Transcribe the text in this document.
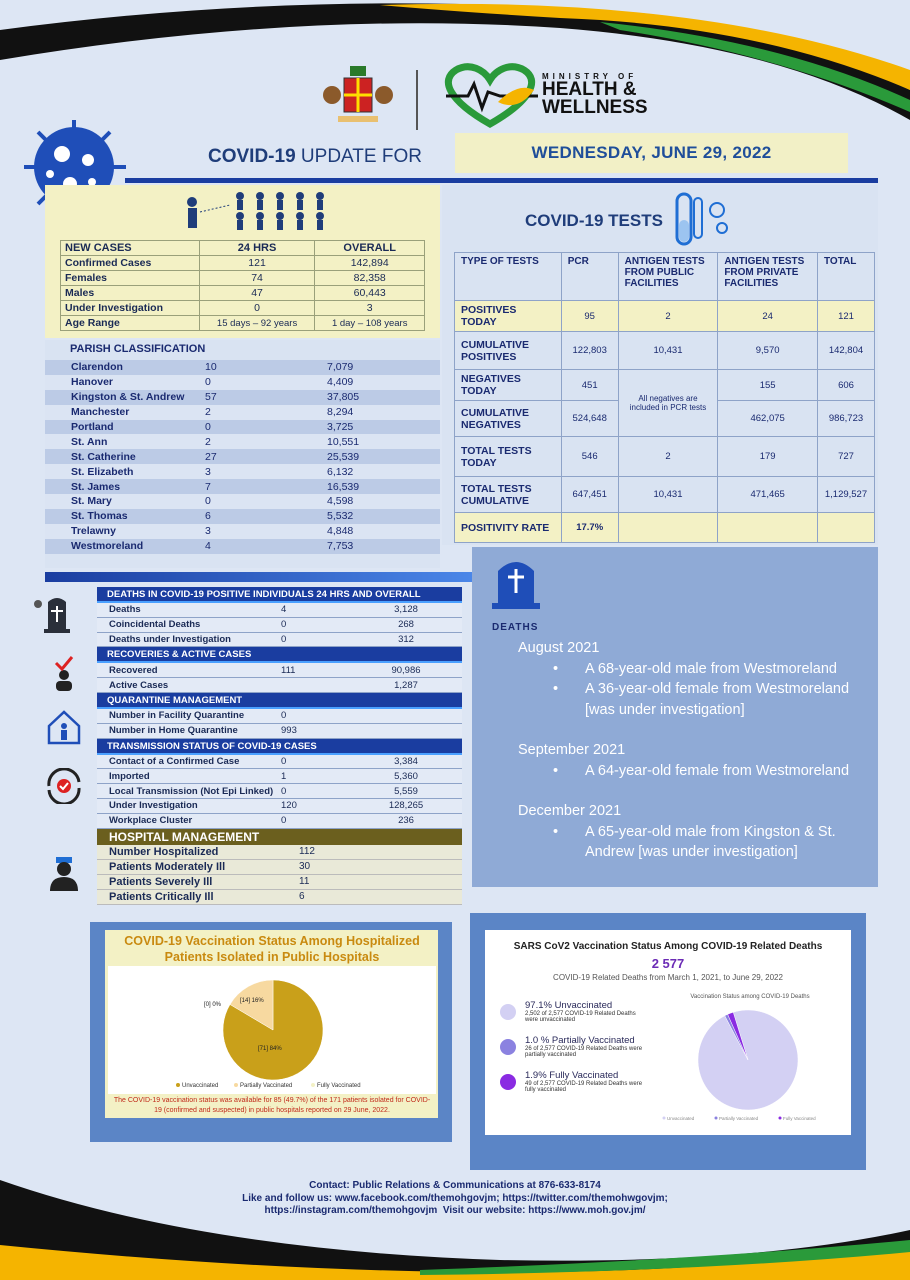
MINISTRY OF
HEALTH &
WELLNESS
COVID-19 UPDATE FOR	WEDNESDAY, JUNE 29, 2022
NEW CASES	24 HRS	OVERALL
Confirmed Cases	121	142,894
Females	74	82,358
Males	47	60,443
Under Investigation	0	3
Age Range	15 days – 92 years	1 day – 108 years
PARISH CLASSIFICATION
Clarendon	10	7,079
Hanover	0	4,409
Kingston & St. Andrew	57	37,805
Manchester	2	8,294
Portland	0	3,725
St. Ann	2	10,551
St. Catherine	27	25,539
St. Elizabeth	3	6,132
St. James	7	16,539
St. Mary	0	4,598
St. Thomas	6	5,532
Trelawny	3	4,848
Westmoreland	4	7,753
COVID-19 TESTS
TYPE OF TESTS	PCR	ANTIGEN TESTS FROM PUBLIC FACILITIES	ANTIGEN TESTS FROM PRIVATE FACILITIES	TOTAL
POSITIVES TODAY	95	2	24	121
CUMULATIVE POSITIVES	122,803	10,431	9,570	142,804
NEGATIVES TODAY	451	All negatives are included in PCR tests	155	606
CUMULATIVE NEGATIVES	524,648		462,075	986,723
TOTAL TESTS TODAY	546	2	179	727
TOTAL TESTS CUMULATIVE	647,451	10,431	471,465	1,129,527
POSITIVITY RATE	17.7%			
DEATHS IN COVID-19 POSITIVE INDIVIDUALS 24 HRS AND OVERALL
Deaths	4	3,128
Coincidental Deaths	0	268
Deaths under Investigation	0	312
RECOVERIES & ACTIVE CASES
Recovered	111	90,986
Active Cases	1,287
QUARANTINE MANAGEMENT
Number in Facility Quarantine	0
Number in Home Quarantine	993
TRANSMISSION STATUS OF COVID-19 CASES
Contact of a Confirmed Case	0	3,384
Imported	1	5,360
Local Transmission (Not Epi Linked) 0	5,559
Under Investigation	120	128,265
Workplace Cluster	0	236
HOSPITAL MANAGEMENT
Number Hospitalized	112
Patients Moderately Ill	30
Patients Severely Ill	11
Patients Critically Ill	6
DEATHS
August 2021
• A 68-year-old male from Westmoreland
• A 36-year-old female from Westmoreland [was under investigation]
September 2021
• A 64-year-old female from Westmoreland
December 2021
• A 65-year-old male from Kingston & St. Andrew [was under investigation]
COVID-19 Vaccination Status Among Hospitalized Patients Isolated in Public Hospitals
[71] 84%
[14] 16%
[0] 0%
Unvaccinated	Partially Vaccinated	Fully Vaccinated
The COVID-19 vaccination status was available for 85 (49.7%) of the 171 patients isolated for COVID-19 (confirmed and suspected) in public hospitals reported on 29 June, 2022.
SARS CoV2 Vaccination Status Among COVID-19 Related Deaths
2 577
COVID-19 Related Deaths from March 1, 2021, to June 29, 2022
Vaccination Status among COVID-19 Deaths
Unvaccinated	Partially Vaccinated	Fully Vaccinated
97.1% Unvaccinated
2,502 of 2,577 COVID-19 Related Deaths were unvaccinated
1.0 % Partially Vaccinated
26 of 2,577 COVID-19 Related Deaths were partially vaccinated
1.9% Fully Vaccinated
49 of 2,577 COVID-19 Related Deaths were fully vaccinated
Contact: Public Relations & Communications at 876-633-8174
Like and follow us: www.facebook.com/themohgovjm; https://twitter.com/themohwgovjm;
https://instagram.com/themohgovjm Visit our website: https://www.moh.gov.jm/
